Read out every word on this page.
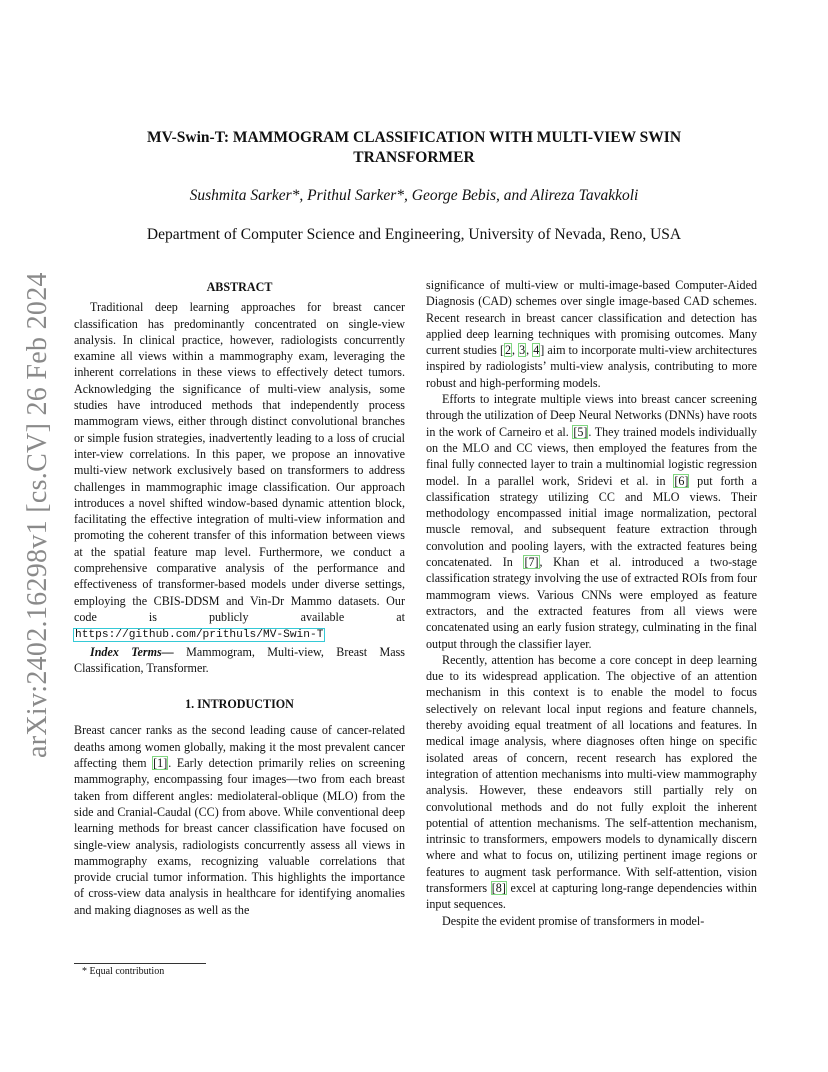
arXiv:2402.16298v1 [cs.CV] 26 Feb 2024
MV-Swin-T: MAMMOGRAM CLASSIFICATION WITH MULTI-VIEW SWIN
TRANSFORMER
Sushmita Sarker*, Prithul Sarker*, George Bebis, and Alireza Tavakkoli
Department of Computer Science and Engineering, University of Nevada, Reno, USA
ABSTRACT

Traditional deep learning approaches for breast cancer classification has predominantly concentrated on single-view analysis. In clinical practice, however, radiologists concurrently examine all views within a mammography exam, leveraging the inherent correlations in these views to effectively detect tumors. Acknowledging the significance of multi-view analysis, some studies have introduced methods that independently process mammogram views, either through distinct convolutional branches or simple fusion strategies, inadvertently leading to a loss of crucial inter-view correlations. In this paper, we propose an innovative multi-view network exclusively based on transformers to address challenges in mammographic image classification. Our approach introduces a novel shifted window-based dynamic attention block, facilitating the effective integration of multi-view information and promoting the coherent transfer of this information between views at the spatial feature map level. Furthermore, we conduct a comprehensive comparative analysis of the performance and effectiveness of transformer-based models under diverse settings, employing the CBIS-DDSM and Vin-Dr Mammo datasets. Our code is publicly available at https://github.com/prithuls/MV-Swin-T

Index Terms— Mammogram, Multi-view, Breast Mass Classification, Transformer.

1. INTRODUCTION

Breast cancer ranks as the second leading cause of cancer-related deaths among women globally, making it the most prevalent cancer affecting them [1]. Early detection primarily relies on screening mammography, encompassing four images—two from each breast taken from different angles: mediolateral-oblique (MLO) from the side and Cranial-Caudal (CC) from above. While conventional deep learning methods for breast cancer classification have focused on single-view analysis, radiologists concurrently assess all views in mammography exams, recognizing valuable correlations that provide crucial tumor information. This highlights the importance of cross-view data analysis in healthcare for identifying anomalies and making diagnoses as well as the

significance of multi-view or multi-image-based Computer-Aided Diagnosis (CAD) schemes over single image-based CAD schemes. Recent research in breast cancer classification and detection has applied deep learning techniques with promising outcomes. Many current studies [2, 3, 4] aim to incorporate multi-view architectures inspired by radiologists’ multi-view analysis, contributing to more robust and high-performing models.

Efforts to integrate multiple views into breast cancer screening through the utilization of Deep Neural Networks (DNNs) have roots in the work of Carneiro et al. [5]. They trained models individually on the MLO and CC views, then employed the features from the final fully connected layer to train a multinomial logistic regression model. In a parallel work, Sridevi et al. in [6] put forth a classification strategy utilizing CC and MLO views. Their methodology encompassed initial image normalization, pectoral muscle removal, and subsequent feature extraction through convolution and pooling layers, with the extracted features being concatenated. In [7], Khan et al. introduced a two-stage classification strategy involving the use of extracted ROIs from four mammogram views. Various CNNs were employed as feature extractors, and the extracted features from all views were concatenated using an early fusion strategy, culminating in the final output through the classifier layer.

Recently, attention has become a core concept in deep learning due to its widespread application. The objective of an attention mechanism in this context is to enable the model to focus selectively on relevant local input regions and feature channels, thereby avoiding equal treatment of all locations and features. In medical image analysis, where diagnoses often hinge on specific isolated areas of concern, recent research has explored the integration of attention mechanisms into multi-view mammography analysis. However, these endeavors still partially rely on convolutional methods and do not fully exploit the inherent potential of attention mechanisms. The self-attention mechanism, intrinsic to transformers, empowers models to dynamically discern where and what to focus on, utilizing pertinent image regions or features to augment task performance. With self-attention, vision transformers [8] excel at capturing long-range dependencies within input sequences.

Despite the evident promise of transformers in model-

* Equal contribution
